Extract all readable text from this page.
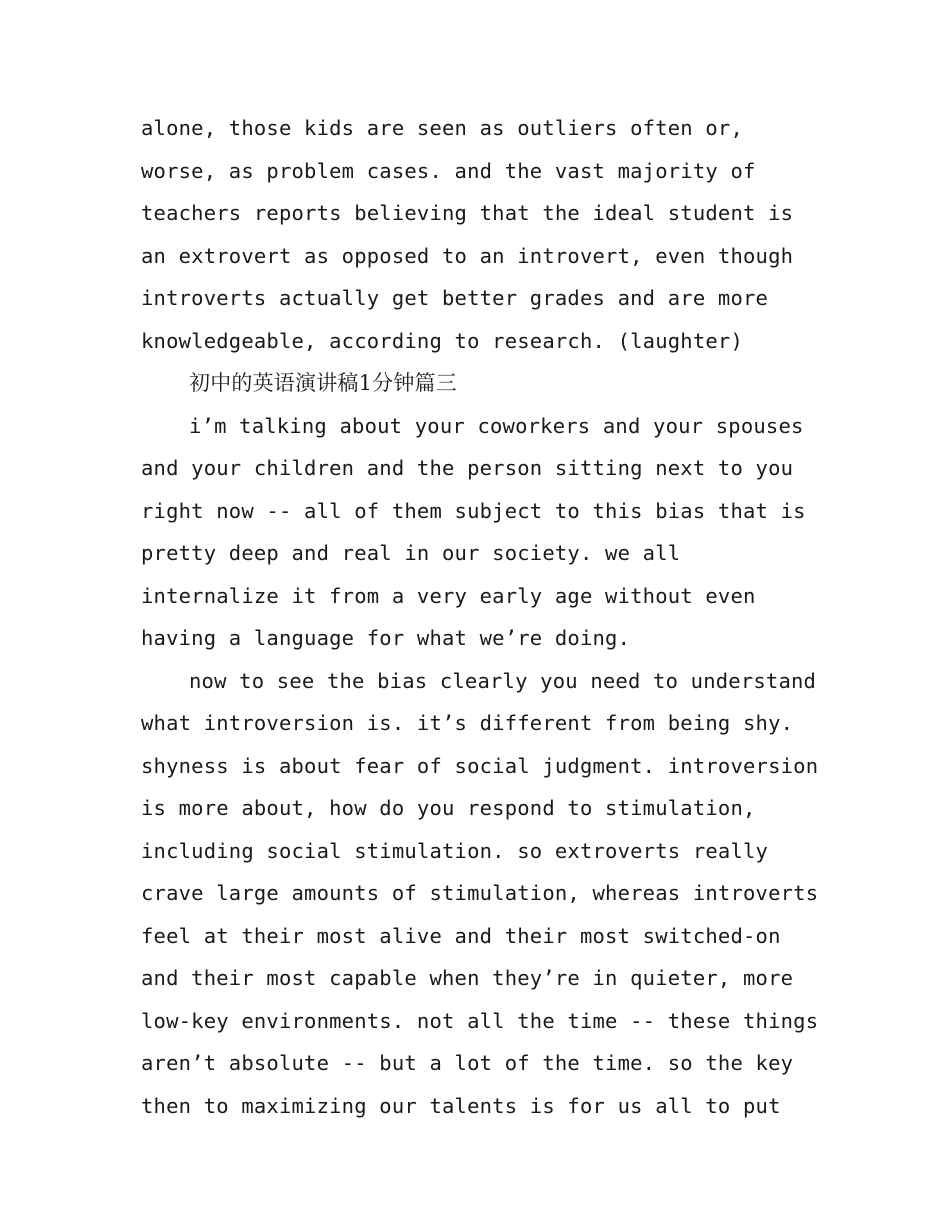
alone, those kids are seen as outliers often or,
worse, as problem cases. and the vast majority of
teachers reports believing that the ideal student is
an extrovert as opposed to an introvert, even though
introverts actually get better grades and are more
knowledgeable, according to research. (laughter)
初中的英语演讲稿1分钟篇三
i’m talking about your coworkers and your spouses
and your children and the person sitting next to you
right now -- all of them subject to this bias that is
pretty deep and real in our society. we all
internalize it from a very early age without even
having a language for what we’re doing.
now to see the bias clearly you need to understand
what introversion is. it’s different from being shy.
shyness is about fear of social judgment. introversion
is more about, how do you respond to stimulation,
including social stimulation. so extroverts really
crave large amounts of stimulation, whereas introverts
feel at their most alive and their most switched-on
and their most capable when they’re in quieter, more
low-key environments. not all the time -- these things
aren’t absolute -- but a lot of the time. so the key
then to maximizing our talents is for us all to put
